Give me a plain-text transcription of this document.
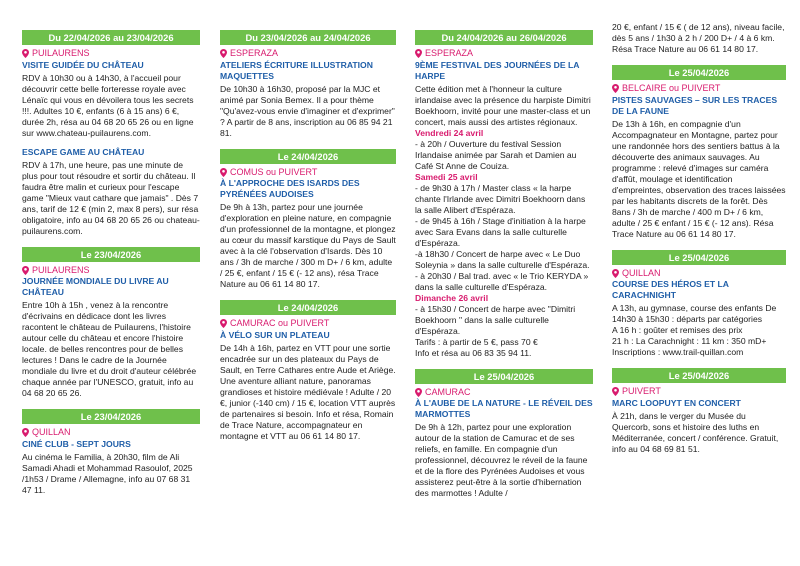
Du 22/04/2026 au 23/04/2026
PUILAURENS
VISITE GUIDÉE DU CHÂTEAU
RDV à 10h30 ou à 14h30, à l'accueil pour découvrir cette belle forteresse royale avec Lénaïc qui vous en dévoilera tous les secrets !!!. Adultes 10 €, enfants (6 à 15 ans) 6 €, durée 2h, résa au 04 68 20 65 26 ou en ligne sur www.chateau-puilaurens.com.
ESCAPE GAME AU CHÂTEAU
RDV à 17h, une heure, pas une minute de plus pour tout résoudre et sortir du château. Il faudra être malin et curieux pour l'escape game "Mieux vaut cathare que jamais" . Dès 7 ans, tarif de 12 € (min 2, max 8 pers), sur résa obligatoire, info au 04 68 20 65 26 ou chateau-puilaurens.com.
Le 23/04/2026
PUILAURENS
JOURNÉE MONDIALE DU LIVRE AU CHÂTEAU
Entre 10h à 15h , venez à la rencontre d'écrivains en dédicace dont les livres racontent le château de Puilaurens, l'histoire autour celle du château et encore l'histoire locale. de belles rencontres pour de belles lectures ! Dans le cadre de la Journée mondiale du livre et du droit d'auteur célébrée chaque année par l'UNESCO, gratuit, info au 04 68 20 65 26.
Le 23/04/2026
QUILLAN
CINÉ CLUB - SEPT JOURS
Au cinéma le Familia, à 20h30, film de Ali Samadi Ahadi et Mohammad Rasoulof, 2025 /1h53 / Drame / Allemagne, info au 07 68 31 47 11.
Du 23/04/2026 au 24/04/2026
ESPERAZA
ATELIERS ÉCRITURE ILLUSTRATION MAQUETTES
De 10h30 à 16h30, proposé par la MJC et animé par Sonia Bemex. Il a pour thème "Qu'avez-vous envie d'imaginer et d'exprimer" ? A partir de 8 ans, inscription au 06 85 94 21 81.
Le 24/04/2026
COMUS ou PUIVERT
À L'APPROCHE DES ISARDS DES PYRÉNÉES AUDOISES
De 9h à 13h, partez pour une journée d'exploration en pleine nature, en compagnie d'un professionnel de la montagne, et plongez au cœur du massif karstique du Pays de Sault avec à la clé l'observation d'Isards. Dès 10 ans / 3h de marche / 300 m D+ / 6 km, adulte / 25 €, enfant / 15 € (- 12 ans), résa Trace Nature au 06 61 14 80 17.
Le 24/04/2026
CAMURAC ou PUIVERT
À VÉLO SUR UN PLATEAU
De 14h à 16h, partez en VTT pour une sortie encadrée sur un des plateaux du Pays de Sault, en Terre Cathares entre Aude et Ariège. Une aventure alliant nature, panoramas grandioses et histoire médiévale ! Adulte / 20 €, junior (-140 cm) / 15 €, location VTT auprès de partenaires si besoin. Info et résa, Romain de Trace Nature, accompagnateur en montagne et VTT au 06 61 14 80 17.
Du 24/04/2026 au 26/04/2026
ESPERAZA
9ÈME FESTIVAL DES JOURNÉES DE LA HARPE
Cette édition met à l'honneur la culture irlandaise avec la présence du harpiste Dimitri Boekhoorn, invité pour une master-class et un concert, mais aussi des artistes régionaux.
Vendredi 24 avril
- à 20h / Ouverture du festival Session Irlandaise animée par Sarah et Damien au Café St Anne de Couiza.
Samedi 25 avril
- de 9h30 à 17h / Master class « la harpe chante l'Irlande avec Dimitri Boekhoorn dans la salle Alibert d'Espéraza.
- de 9h45 à 16h / Stage d'initiation à la harpe avec Sara Evans dans la salle culturelle d'Espéraza.
-à 18h30 / Concert de harpe avec « Le Duo Soleynia » dans la salle culturelle d'Espéraza.
- à 20h30 / Bal trad. avec « le Trio KERYDA » dans la salle culturelle d'Espéraza.
Dimanche 26 avril
- à 15h30 / Concert de harpe avec "Dimitri Boekhoorn " dans la salle culturelle d'Espéraza.
Tarifs : à partir de 5 €, pass 70 €
Info et résa au 06 83 35 94 11.
Le 25/04/2026
CAMURAC
À L'AUBE DE LA NATURE - LE RÉVEIL DES MARMOTTES
De 9h à 12h, partez pour une exploration autour de la station de Camurac et de ses reliefs, en famille. En compagnie d'un professionnel, découvrez le réveil de la faune et de la flore des Pyrénées Audoises et vous assisterez peut-être à la sortie d'hibernation des marmottes ! Adulte /
20 €, enfant / 15 € ( de 12 ans), niveau facile, dès 5 ans / 1h30 à 2 h / 200 D+ / 4 à 6 km. Résa Trace Nature au 06 61 14 80 17.
Le 25/04/2026
BELCAIRE ou PUIVERT
PISTES SAUVAGES – SUR LES TRACES DE LA FAUNE
De 13h à 16h, en compagnie d'un Accompagnateur en Montagne, partez pour une randonnée hors des sentiers battus à la découverte des animaux sauvages. Au programme : relevé d'images sur caméra d'affût, moulage et identification d'empreintes, observation des traces laissées par les habitants discrets de la forêt. Dès 8ans / 3h de marche / 400 m D+ / 6 km, adulte / 25 € enfant / 15 € (- 12 ans). Résa Trace Nature au 06 61 14 80 17.
Le 25/04/2026
QUILLAN
COURSE DES HÉROS ET LA CARACHNIGHT
A 13h, au gymnase, course des enfants De 14h30 à 15h30 : départs par catégories
A 16 h : goûter et remises des prix
21 h : La Carachnight : 11 km : 350 mD+
Inscriptions : www.trail-quillan.com
Le 25/04/2026
PUIVERT
MARC LOOPUYT EN CONCERT
À 21h, dans le verger du Musée du Quercorb, sons et histoire des luths en Méditerranée, concert / conférence. Gratuit, info au 04 68 69 81 51.
